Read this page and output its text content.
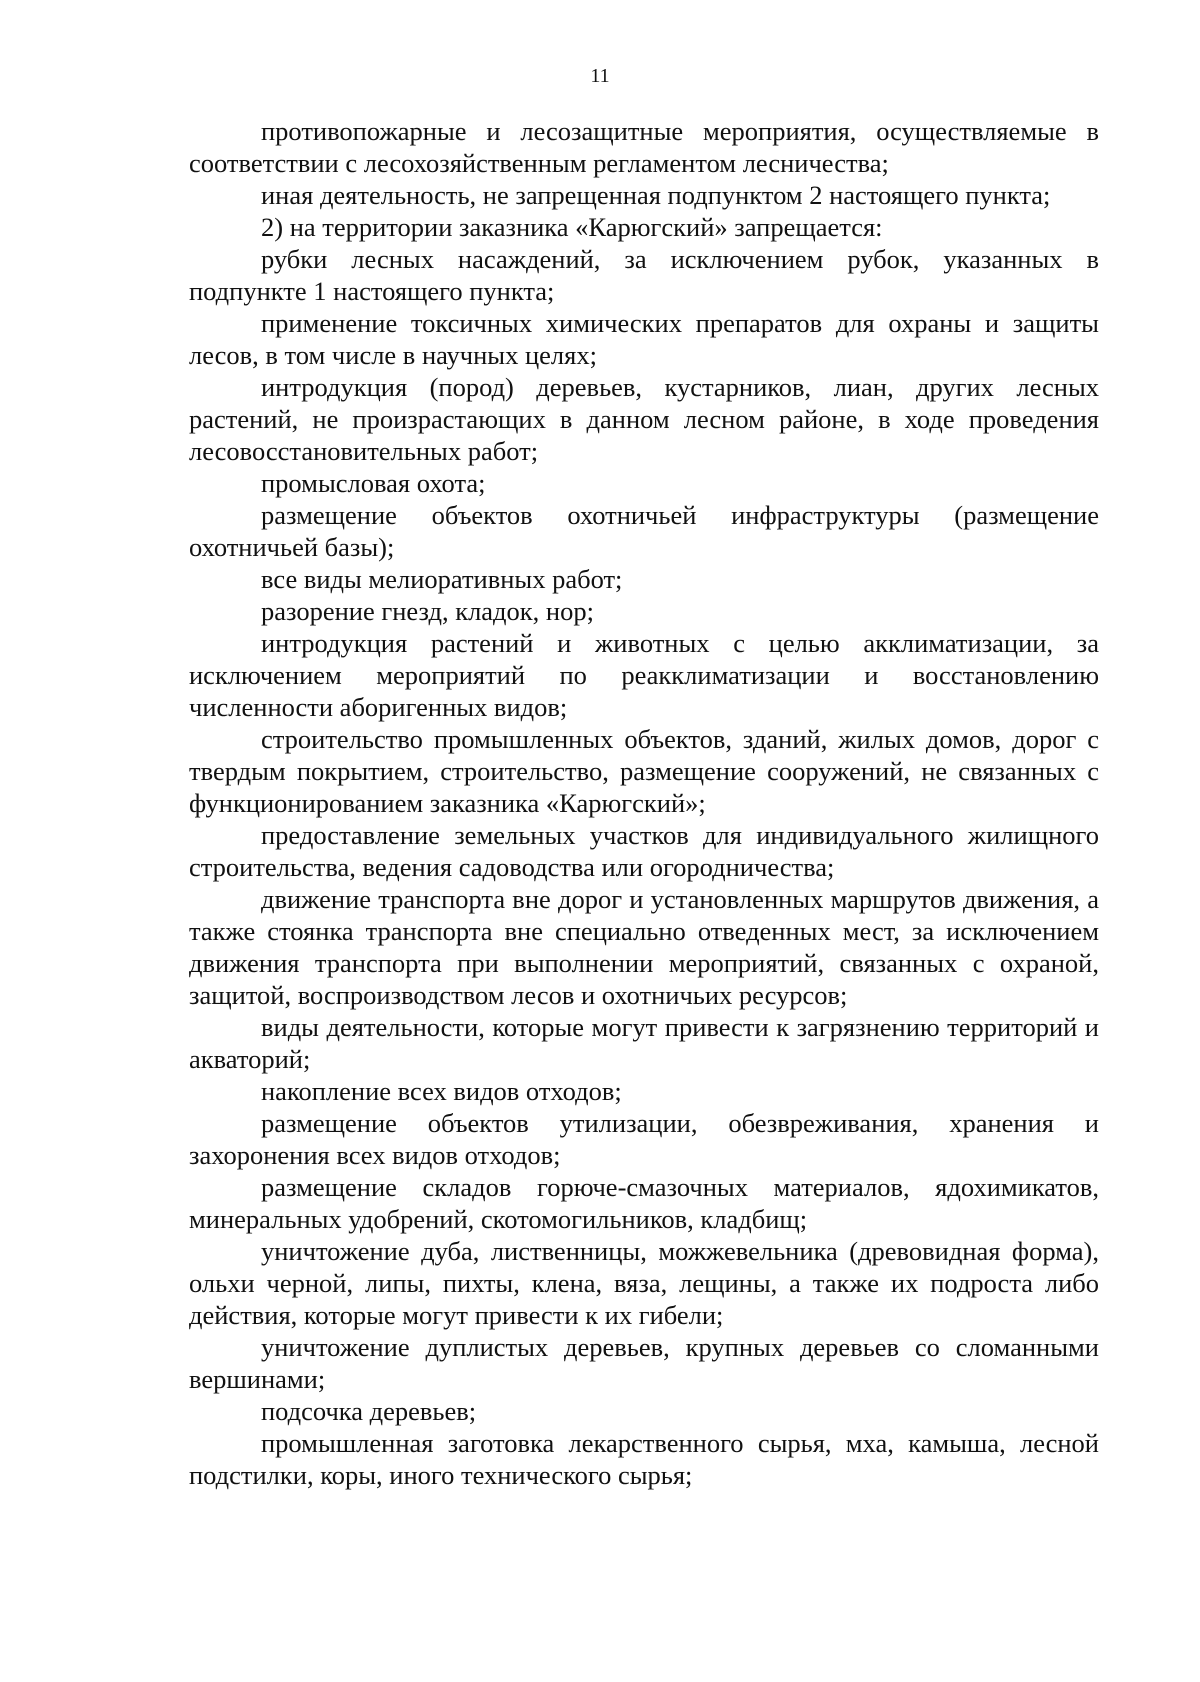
11

противопожарные и лесозащитные мероприятия, осуществляемые в соответствии с лесохозяйственным регламентом лесничества;

иная деятельность, не запрещенная подпунктом 2 настоящего пункта;

2) на территории заказника «Карюгский» запрещается:

рубки лесных насаждений, за исключением рубок, указанных в подпункте 1 настоящего пункта;

применение токсичных химических препаратов для охраны и защиты лесов, в том числе в научных целях;

интродукция (пород) деревьев, кустарников, лиан, других лесных растений, не произрастающих в данном лесном районе, в ходе проведения лесовосстановительных работ;

промысловая охота;

размещение объектов охотничьей инфраструктуры (размещение охотничьей базы);

все виды мелиоративных работ;

разорение гнезд, кладок, нор;

интродукция растений и животных с целью акклиматизации, за исключением мероприятий по реакклиматизации и восстановлению численности аборигенных видов;

строительство промышленных объектов, зданий, жилых домов, дорог с твердым покрытием, строительство, размещение сооружений, не связанных с функционированием заказника «Карюгский»;

предоставление земельных участков для индивидуального жилищного строительства, ведения садоводства или огородничества;

движение транспорта вне дорог и установленных маршрутов движения, а также стоянка транспорта вне специально отведенных мест, за исключением движения транспорта при выполнении мероприятий, связанных с охраной, защитой, воспроизводством лесов и охотничьих ресурсов;

виды деятельности, которые могут привести к загрязнению территорий и акваторий;

накопление всех видов отходов;

размещение объектов утилизации, обезвреживания, хранения и захоронения всех видов отходов;

размещение складов горюче-смазочных материалов, ядохимикатов, минеральных удобрений, скотомогильников, кладбищ;

уничтожение дуба, лиственницы, можжевельника (древовидная форма), ольхи черной, липы, пихты, клена, вяза, лещины, а также их подроста либо действия, которые могут привести к их гибели;

уничтожение дуплистых деревьев, крупных деревьев со сломанными вершинами;

подсочка деревьев;

промышленная заготовка лекарственного сырья, мха, камыша, лесной подстилки, коры, иного технического сырья;
